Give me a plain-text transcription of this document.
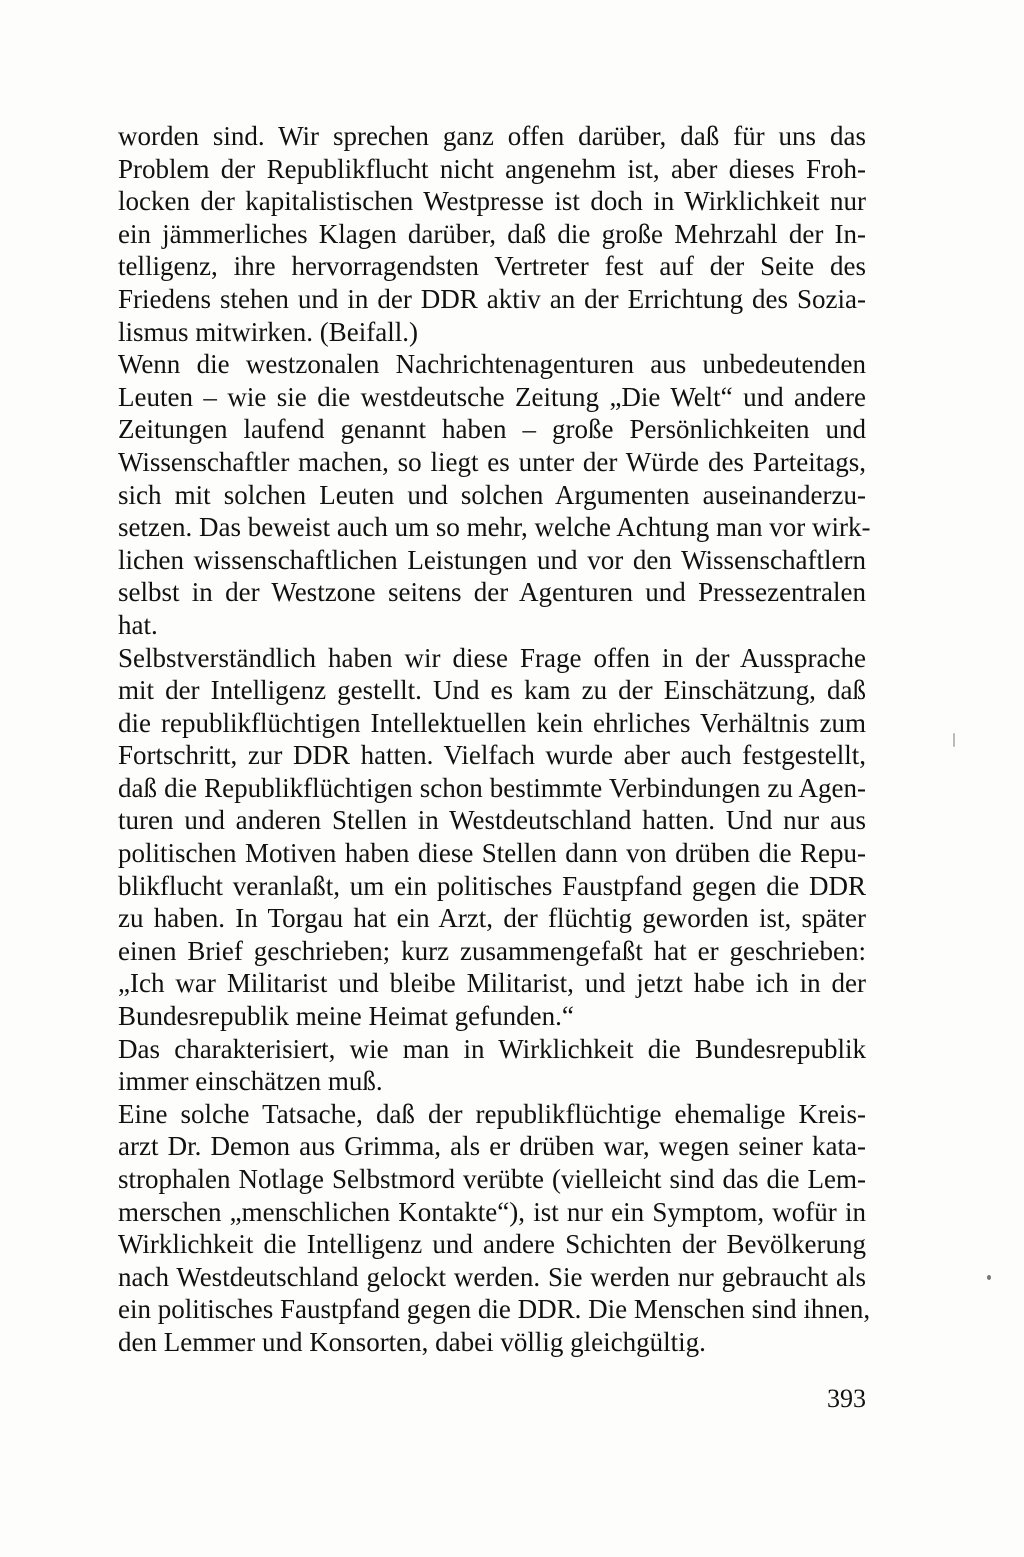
worden sind. Wir sprechen ganz offen darüber, daß für uns das
Problem der Republikflucht nicht angenehm ist, aber dieses Froh-
locken der kapitalistischen Westpresse ist doch in Wirklichkeit nur
ein jämmerliches Klagen darüber, daß die große Mehrzahl der In-
telligenz, ihre hervorragendsten Vertreter fest auf der Seite des
Friedens stehen und in der DDR aktiv an der Errichtung des Sozia-
lismus mitwirken. (Beifall.)
Wenn die westzonalen Nachrichtenagenturen aus unbedeutenden
Leuten – wie sie die westdeutsche Zeitung „Die Welt“ und andere
Zeitungen laufend genannt haben – große Persönlichkeiten und
Wissenschaftler machen, so liegt es unter der Würde des Parteitags,
sich mit solchen Leuten und solchen Argumenten auseinanderzu-
setzen. Das beweist auch um so mehr, welche Achtung man vor wirk-
lichen wissenschaftlichen Leistungen und vor den Wissenschaftlern
selbst in der Westzone seitens der Agenturen und Pressezentralen
hat.
Selbstverständlich haben wir diese Frage offen in der Aussprache
mit der Intelligenz gestellt. Und es kam zu der Einschätzung, daß
die republikflüchtigen Intellektuellen kein ehrliches Verhältnis zum
Fortschritt, zur DDR hatten. Vielfach wurde aber auch festgestellt,
daß die Republikflüchtigen schon bestimmte Verbindungen zu Agen-
turen und anderen Stellen in Westdeutschland hatten. Und nur aus
politischen Motiven haben diese Stellen dann von drüben die Repu-
blikflucht veranlaßt, um ein politisches Faustpfand gegen die DDR
zu haben. In Torgau hat ein Arzt, der flüchtig geworden ist, später
einen Brief geschrieben; kurz zusammengefaßt hat er geschrieben:
„Ich war Militarist und bleibe Militarist, und jetzt habe ich in der
Bundesrepublik meine Heimat gefunden.“
Das charakterisiert, wie man in Wirklichkeit die Bundesrepublik
immer einschätzen muß.
Eine solche Tatsache, daß der republikflüchtige ehemalige Kreis-
arzt Dr. Demon aus Grimma, als er drüben war, wegen seiner kata-
strophalen Notlage Selbstmord verübte (vielleicht sind das die Lem-
merschen „menschlichen Kontakte“), ist nur ein Symptom, wofür in
Wirklichkeit die Intelligenz und andere Schichten der Bevölkerung
nach Westdeutschland gelockt werden. Sie werden nur gebraucht als
ein politisches Faustpfand gegen die DDR. Die Menschen sind ihnen,
den Lemmer und Konsorten, dabei völlig gleichgültig.
393
